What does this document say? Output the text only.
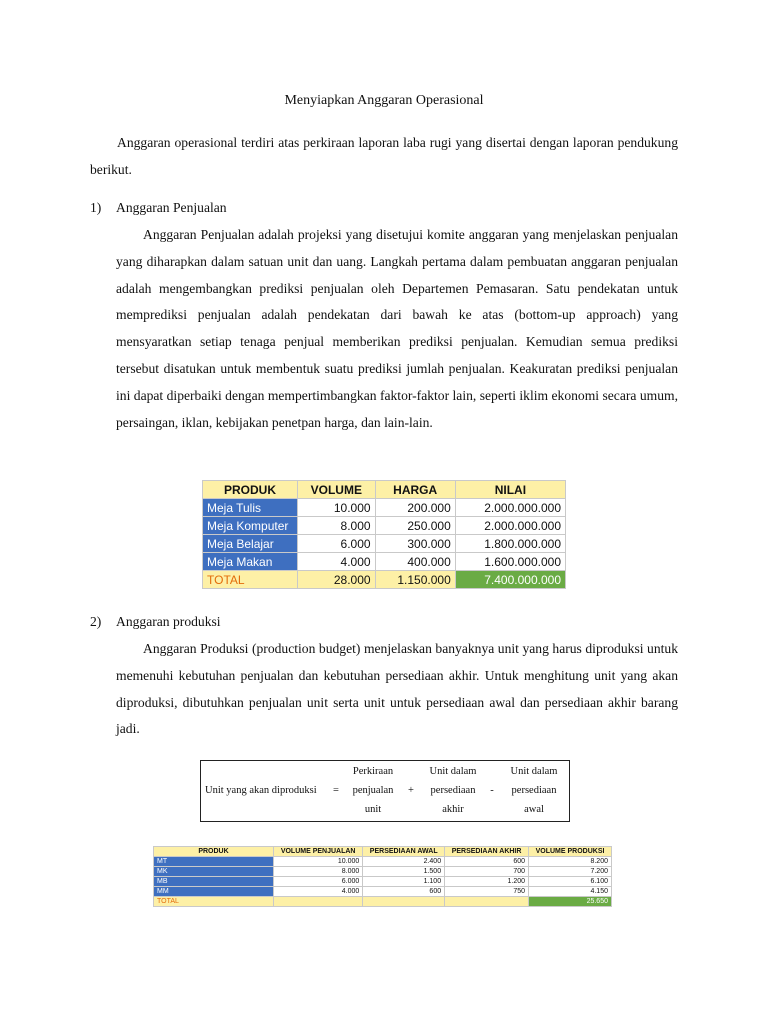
Menyiapkan Anggaran Operasional
Anggaran operasional terdiri atas perkiraan laporan laba rugi yang disertai dengan laporan pendukung berikut.
1) Anggaran Penjualan
Anggaran Penjualan adalah projeksi yang disetujui komite anggaran yang menjelaskan penjualan yang diharapkan dalam satuan unit dan uang. Langkah pertama dalam pembuatan anggaran penjualan adalah mengembangkan prediksi penjualan oleh Departemen Pemasaran. Satu pendekatan untuk memprediksi penjualan adalah pendekatan dari bawah ke atas (bottom-up approach) yang mensyaratkan setiap tenaga penjual memberikan prediksi penjualan. Kemudian semua prediksi tersebut disatukan untuk membentuk suatu prediksi jumlah penjualan. Keakuratan prediksi penjualan ini dapat diperbaiki dengan mempertimbangkan faktor-faktor lain, seperti iklim ekonomi secara umum, persaingan, iklan, kebijakan penetpan harga, dan lain-lain.
PRODUK	VOLUME	HARGA	NILAI
Meja Tulis	10.000	200.000	2.000.000.000
Meja Komputer	8.000	250.000	2.000.000.000
Meja Belajar	6.000	300.000	1.800.000.000
Meja Makan	4.000	400.000	1.600.000.000
TOTAL	28.000	1.150.000	7.400.000.000
2) Anggaran produksi
Anggaran Produksi (production budget) menjelaskan banyaknya unit yang harus diproduksi untuk memenuhi kebutuhan penjualan dan kebutuhan persediaan akhir. Untuk menghitung unit yang akan diproduksi, dibutuhkan penjualan unit serta unit untuk persediaan awal dan persediaan akhir barang jadi.
Unit yang akan diproduksi	=
Perkiraan
penjualan
unit
+
Unit dalam
persediaan
akhir
-
Unit dalam
persediaan
awal
PRODUK	VOLUME PENJUALAN	PERSEDIAAN AWAL	PERSEDIAAN AKHIR	VOLUME PRODUKSI
MT	10.000	2.400	600	8.200
MK	8.000	1.500	700	7.200
MB	6.000	1.100	1.200	6.100
MM	4.000	600	750	4.150
TOTAL				25.650
